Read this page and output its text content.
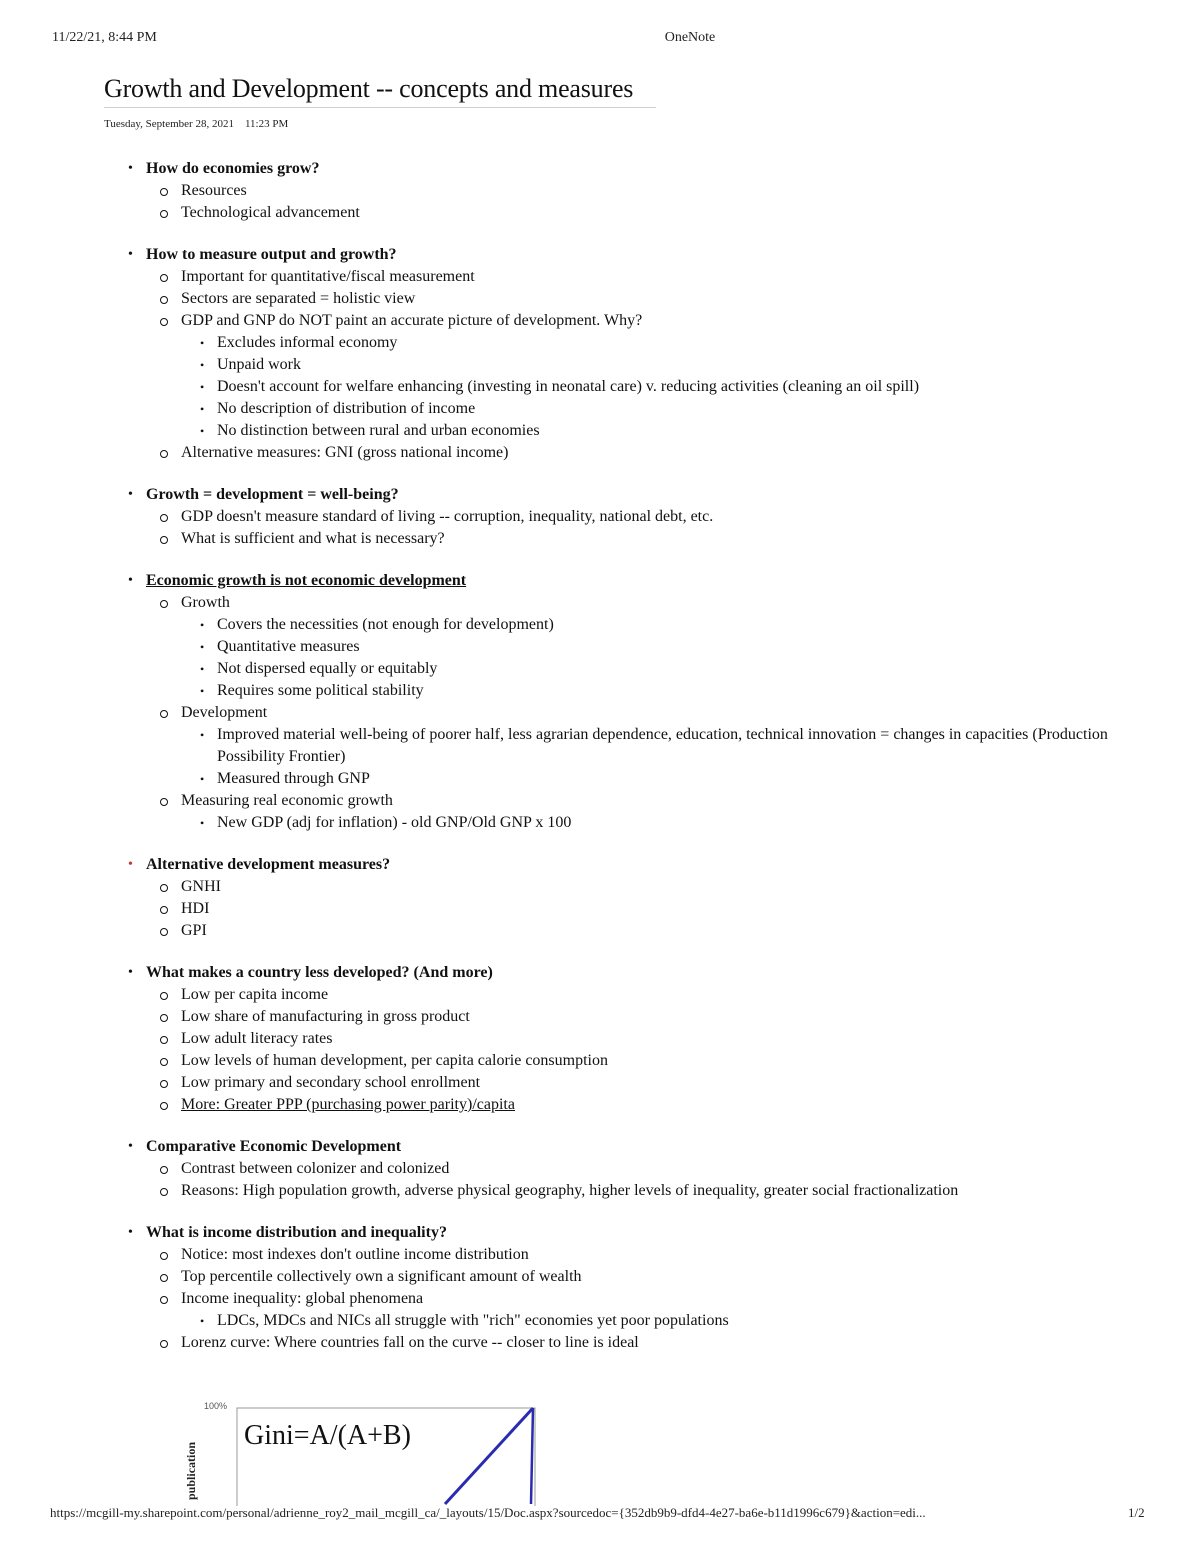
11/22/21, 8:44 PM	OneNote
Growth and Development -- concepts and measures
Tuesday, September 28, 2021 11:23 PM
• How do economies grow?
Resources
Technological advancement
• How to measure output and growth?
Important for quantitative/fiscal measurement
Sectors are separated = holistic view
GDP and GNP do NOT paint an accurate picture of development. Why?
• Excludes informal economy
• Unpaid work
• Doesn't account for welfare enhancing (investing in neonatal care) v. reducing activities (cleaning an oil spill)
• No description of distribution of income
• No distinction between rural and urban economies
Alternative measures: GNI (gross national income)
• Growth = development = well-being?
GDP doesn't measure standard of living -- corruption, inequality, national debt, etc.
What is sufficient and what is necessary?
• Economic growth is not economic development
Growth
• Covers the necessities (not enough for development)
• Quantitative measures
• Not dispersed equally or equitably
• Requires some political stability
Development
• Improved material well-being of poorer half, less agrarian dependence, education, technical innovation = changes in capacities (Production Possibility Frontier)
• Measured through GNP
Measuring real economic growth
• New GDP (adj for inflation) - old GNP/Old GNP x 100
• Alternative development measures?
GNHI
HDI
GPI
• What makes a country less developed? (And more)
Low per capita income
Low share of manufacturing in gross product
Low adult literacy rates
Low levels of human development, per capita calorie consumption
Low primary and secondary school enrollment
More: Greater PPP (purchasing power parity)/capita
• Comparative Economic Development
Contrast between colonizer and colonized
Reasons: High population growth, adverse physical geography, higher levels of inequality, greater social fractionalization
• What is income distribution and inequality?
Notice: most indexes don't outline income distribution
Top percentile collectively own a significant amount of wealth
Income inequality: global phenomena
• LDCs, MDCs and NICs all struggle with "rich" economies yet poor populations
Lorenz curve: Where countries fall on the curve -- closer to line is ideal
100%
publication
Gini=A/(A+B)
https://mcgill-my.sharepoint.com/personal/adrienne_roy2_mail_mcgill_ca/_layouts/15/Doc.aspx?sourcedoc={352db9b9-dfd4-4e27-ba6e-b11d1996c679}&action=edi...	1/2
